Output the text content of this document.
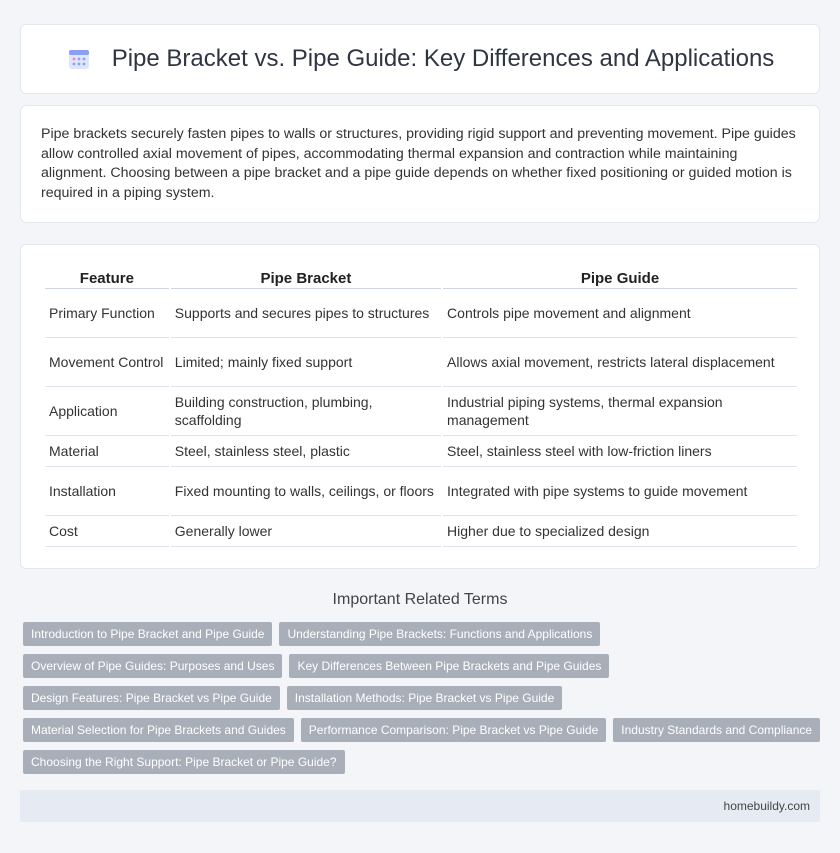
Pipe Bracket vs. Pipe Guide: Key Differences and Applications

Pipe brackets securely fasten pipes to walls or structures, providing rigid support and preventing movement. Pipe guides allow controlled axial movement of pipes, accommodating thermal expansion and contraction while maintaining alignment. Choosing between a pipe bracket and a pipe guide depends on whether fixed positioning or guided motion is required in a piping system.

Feature	Pipe Bracket	Pipe Guide
Primary Function	Supports and secures pipes to structures	Controls pipe movement and alignment
Movement Control	Limited; mainly fixed support	Allows axial movement, restricts lateral displacement
Application	Building construction, plumbing, scaffolding	Industrial piping systems, thermal expansion management
Material	Steel, stainless steel, plastic	Steel, stainless steel with low-friction liners
Installation	Fixed mounting to walls, ceilings, or floors	Integrated with pipe systems to guide movement
Cost	Generally lower	Higher due to specialized design
Important Related Terms
Introduction to Pipe Bracket and Pipe Guide	Understanding Pipe Brackets: Functions and Applications
Overview of Pipe Guides: Purposes and Uses	Key Differences Between Pipe Brackets and Pipe Guides
Design Features: Pipe Bracket vs Pipe Guide	Installation Methods: Pipe Bracket vs Pipe Guide
Material Selection for Pipe Brackets and Guides	Performance Comparison: Pipe Bracket vs Pipe Guide	Industry Standards and Compliance
Choosing the Right Support: Pipe Bracket or Pipe Guide?
homebuildy.com
